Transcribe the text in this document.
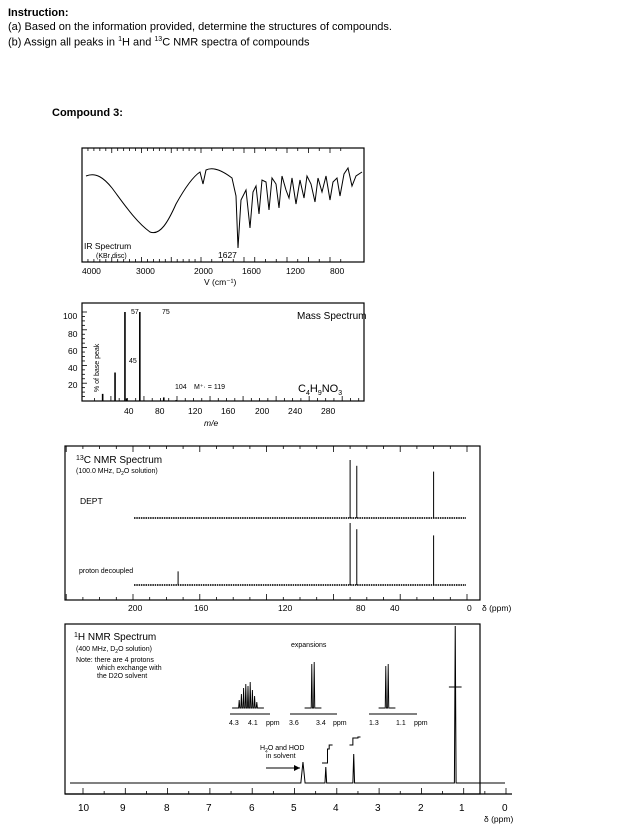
Instruction:
(a) Based on the information provided, determine the structures of compounds.
(b) Assign all peaks in $^1$H and $^{13}$C NMR spectra of compounds
Compound 3:
IR Spectrum
(KBr disc)	1627
4000	3000	2000	1600	1200	800
V (cm⁻¹)
Mass Spectrum
% of base peak
100
80
60
40
20
57	75
45
104 M⁺· = 119	$C_4H_9NO_3$
40	80	120 160 200 240 280
m/e
$^{13}$C NMR Spectrum
(100.0 MHz, $D_2O$ solution)
DEPT
proton decoupled
200	160	120	80	40	0 δ (ppm)
$^1$H NMR Spectrum
(400 MHz, $D_2O$ solution)
Note: there are 4 protons
which exchange with
the D2O solvent
expansions
4.3 4.1 ppm 3.6 3.4 ppm	1.3 1.1 ppm
$H_2O$ and HOD
in solvent
10	9	8	7	6	5	4	3	2	1	0
δ (ppm)
